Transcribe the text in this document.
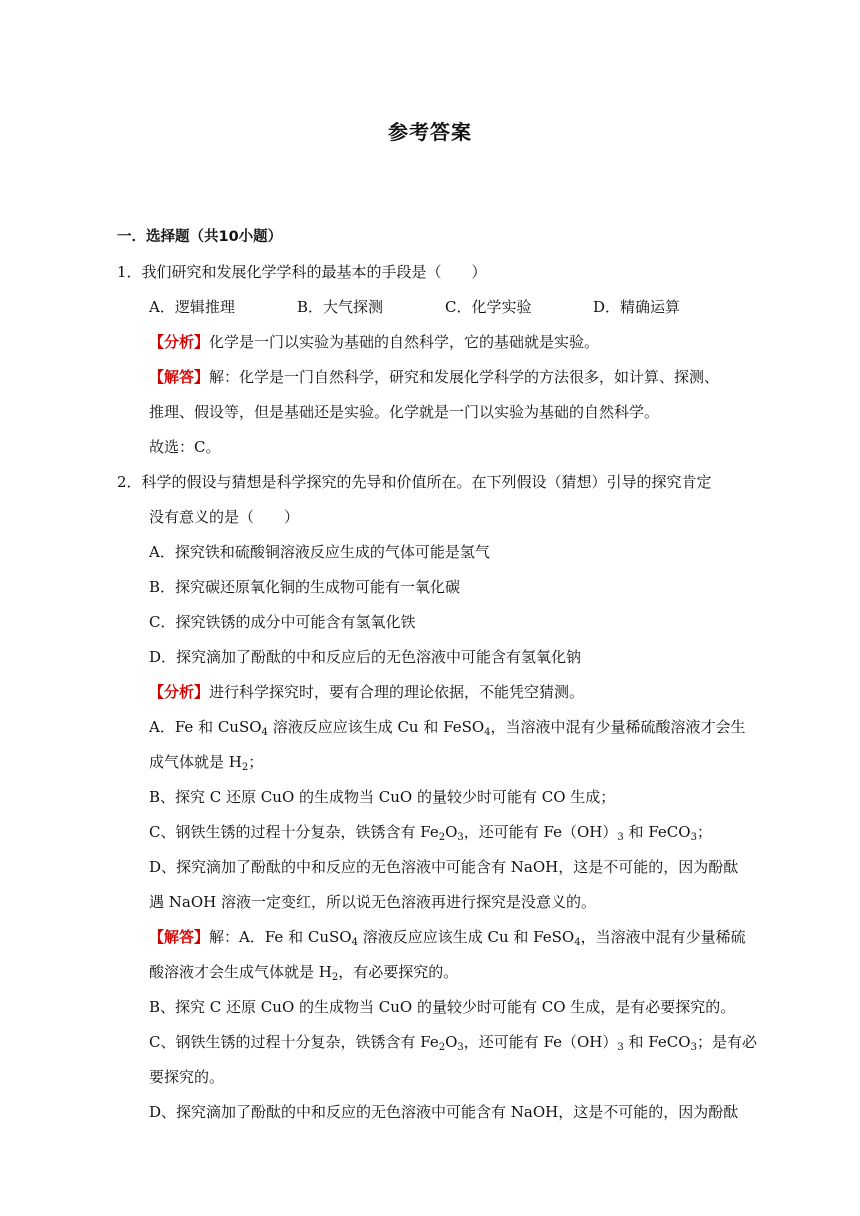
参考答案
一．选择题（共10小题）
1．我们研究和发展化学学科的最基本的手段是（　　）
A．逻辑推理	B．大气探测	C．化学实验	D．精确运算
【分析】化学是一门以实验为基础的自然科学，它的基础就是实验。
【解答】解：化学是一门自然科学，研究和发展化学科学的方法很多，如计算、探测、
推理、假设等，但是基础还是实验。化学就是一门以实验为基础的自然科学。
故选：C。
2．科学的假设与猜想是科学探究的先导和价值所在。在下列假设（猜想）引导的探究肯定
没有意义的是（　　）
A．探究铁和硫酸铜溶液反应生成的气体可能是氢气
B．探究碳还原氧化铜的生成物可能有一氧化碳
C．探究铁锈的成分中可能含有氢氧化铁
D．探究滴加了酚酞的中和反应后的无色溶液中可能含有氢氧化钠
【分析】进行科学探究时，要有合理的理论依据，不能凭空猜测。
A．Fe 和 CuSO$_4$ 溶液反应应该生成 Cu 和 FeSO$_4$，当溶液中混有少量稀硫酸溶液才会生
成气体就是 $H_2$；
B、探究 C 还原 CuO 的生成物当 CuO 的量较少时可能有 CO 生成；
C、钢铁生锈的过程十分复杂，铁锈含有 $Fe_2O_3$，还可能有 $Fe(OH)_3$ 和 FeCO$_3$；
D、探究滴加了酚酞的中和反应的无色溶液中可能含有 NaOH，这是不可能的，因为酚酞
遇 NaOH 溶液一定变红，所以说无色溶液再进行探究是没意义的。
【解答】解：A．Fe 和 CuSO$_4$ 溶液反应应该生成 Cu 和 FeSO$_4$，当溶液中混有少量稀硫
酸溶液才会生成气体就是 $H_2$，有必要探究的。
B、探究 C 还原 CuO 的生成物当 CuO 的量较少时可能有 CO 生成，是有必要探究的。
C、钢铁生锈的过程十分复杂，铁锈含有 $Fe_2O_3$，还可能有 $Fe(OH)_3$ 和 FeCO$_3$；是有必
要探究的。
D、探究滴加了酚酞的中和反应的无色溶液中可能含有 NaOH，这是不可能的，因为酚酞
